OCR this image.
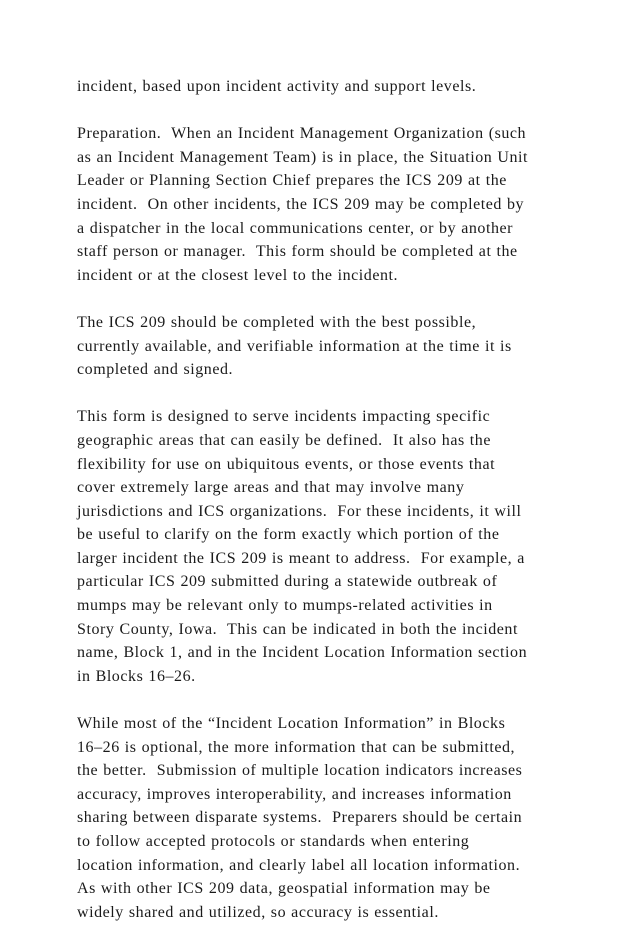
incident, based upon incident activity and support levels.

Preparation.  When an Incident Management Organization (such
as an Incident Management Team) is in place, the Situation Unit
Leader or Planning Section Chief prepares the ICS 209 at the
incident.  On other incidents, the ICS 209 may be completed by
a dispatcher in the local communications center, or by another
staff person or manager.  This form should be completed at the
incident or at the closest level to the incident.

The ICS 209 should be completed with the best possible,
currently available, and verifiable information at the time it is
completed and signed.

This form is designed to serve incidents impacting specific
geographic areas that can easily be defined.  It also has the
flexibility for use on ubiquitous events, or those events that
cover extremely large areas and that may involve many
jurisdictions and ICS organizations.  For these incidents, it will
be useful to clarify on the form exactly which portion of the
larger incident the ICS 209 is meant to address.  For example, a
particular ICS 209 submitted during a statewide outbreak of
mumps may be relevant only to mumps-related activities in
Story County, Iowa.  This can be indicated in both the incident
name, Block 1, and in the Incident Location Information section
in Blocks 16–26.

While most of the “Incident Location Information” in Blocks
16–26 is optional, the more information that can be submitted,
the better.  Submission of multiple location indicators increases
accuracy, improves interoperability, and increases information
sharing between disparate systems.  Preparers should be certain
to follow accepted protocols or standards when entering
location information, and clearly label all location information.
As with other ICS 209 data, geospatial information may be
widely shared and utilized, so accuracy is essential.
